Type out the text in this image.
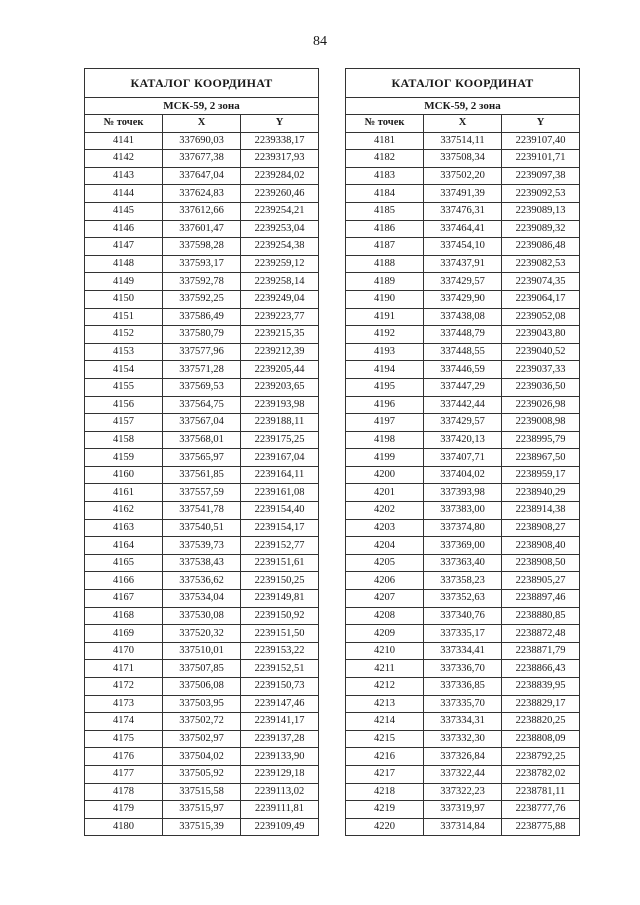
84
КАТАЛОГ КООРДИНАТ		
МСК-59, 2 зона		
№ точек	X	Y
4141	337690,03	2239338,17
4142	337677,38	2239317,93
4143	337647,04	2239284,02
4144	337624,83	2239260,46
4145	337612,66	2239254,21
4146	337601,47	2239253,04
4147	337598,28	2239254,38
4148	337593,17	2239259,12
4149	337592,78	2239258,14
4150	337592,25	2239249,04
4151	337586,49	2239223,77
4152	337580,79	2239215,35
4153	337577,96	2239212,39
4154	337571,28	2239205,44
4155	337569,53	2239203,65
4156	337564,75	2239193,98
4157	337567,04	2239188,11
4158	337568,01	2239175,25
4159	337565,97	2239167,04
4160	337561,85	2239164,11
4161	337557,59	2239161,08
4162	337541,78	2239154,40
4163	337540,51	2239154,17
4164	337539,73	2239152,77
4165	337538,43	2239151,61
4166	337536,62	2239150,25
4167	337534,04	2239149,81
4168	337530,08	2239150,92
4169	337520,32	2239151,50
4170	337510,01	2239153,22
4171	337507,85	2239152,51
4172	337506,08	2239150,73
4173	337503,95	2239147,46
4174	337502,72	2239141,17
4175	337502,97	2239137,28
4176	337504,02	2239133,90
4177	337505,92	2239129,18
4178	337515,58	2239113,02
4179	337515,97	2239111,81
4180	337515,39	2239109,49
КАТАЛОГ КООРДИНАТ		
МСК-59, 2 зона		
№ точек	X	Y
4181	337514,11	2239107,40
4182	337508,34	2239101,71
4183	337502,20	2239097,38
4184	337491,39	2239092,53
4185	337476,31	2239089,13
4186	337464,41	2239089,32
4187	337454,10	2239086,48
4188	337437,91	2239082,53
4189	337429,57	2239074,35
4190	337429,90	2239064,17
4191	337438,08	2239052,08
4192	337448,79	2239043,80
4193	337448,55	2239040,52
4194	337446,59	2239037,33
4195	337447,29	2239036,50
4196	337442,44	2239026,98
4197	337429,57	2239008,98
4198	337420,13	2238995,79
4199	337407,71	2238967,50
4200	337404,02	2238959,17
4201	337393,98	2238940,29
4202	337383,00	2238914,38
4203	337374,80	2238908,27
4204	337369,00	2238908,40
4205	337363,40	2238908,50
4206	337358,23	2238905,27
4207	337352,63	2238897,46
4208	337340,76	2238880,85
4209	337335,17	2238872,48
4210	337334,41	2238871,79
4211	337336,70	2238866,43
4212	337336,85	2238839,95
4213	337335,70	2238829,17
4214	337334,31	2238820,25
4215	337332,30	2238808,09
4216	337326,84	2238792,25
4217	337322,44	2238782,02
4218	337322,23	2238781,11
4219	337319,97	2238777,76
4220	337314,84	2238775,88
